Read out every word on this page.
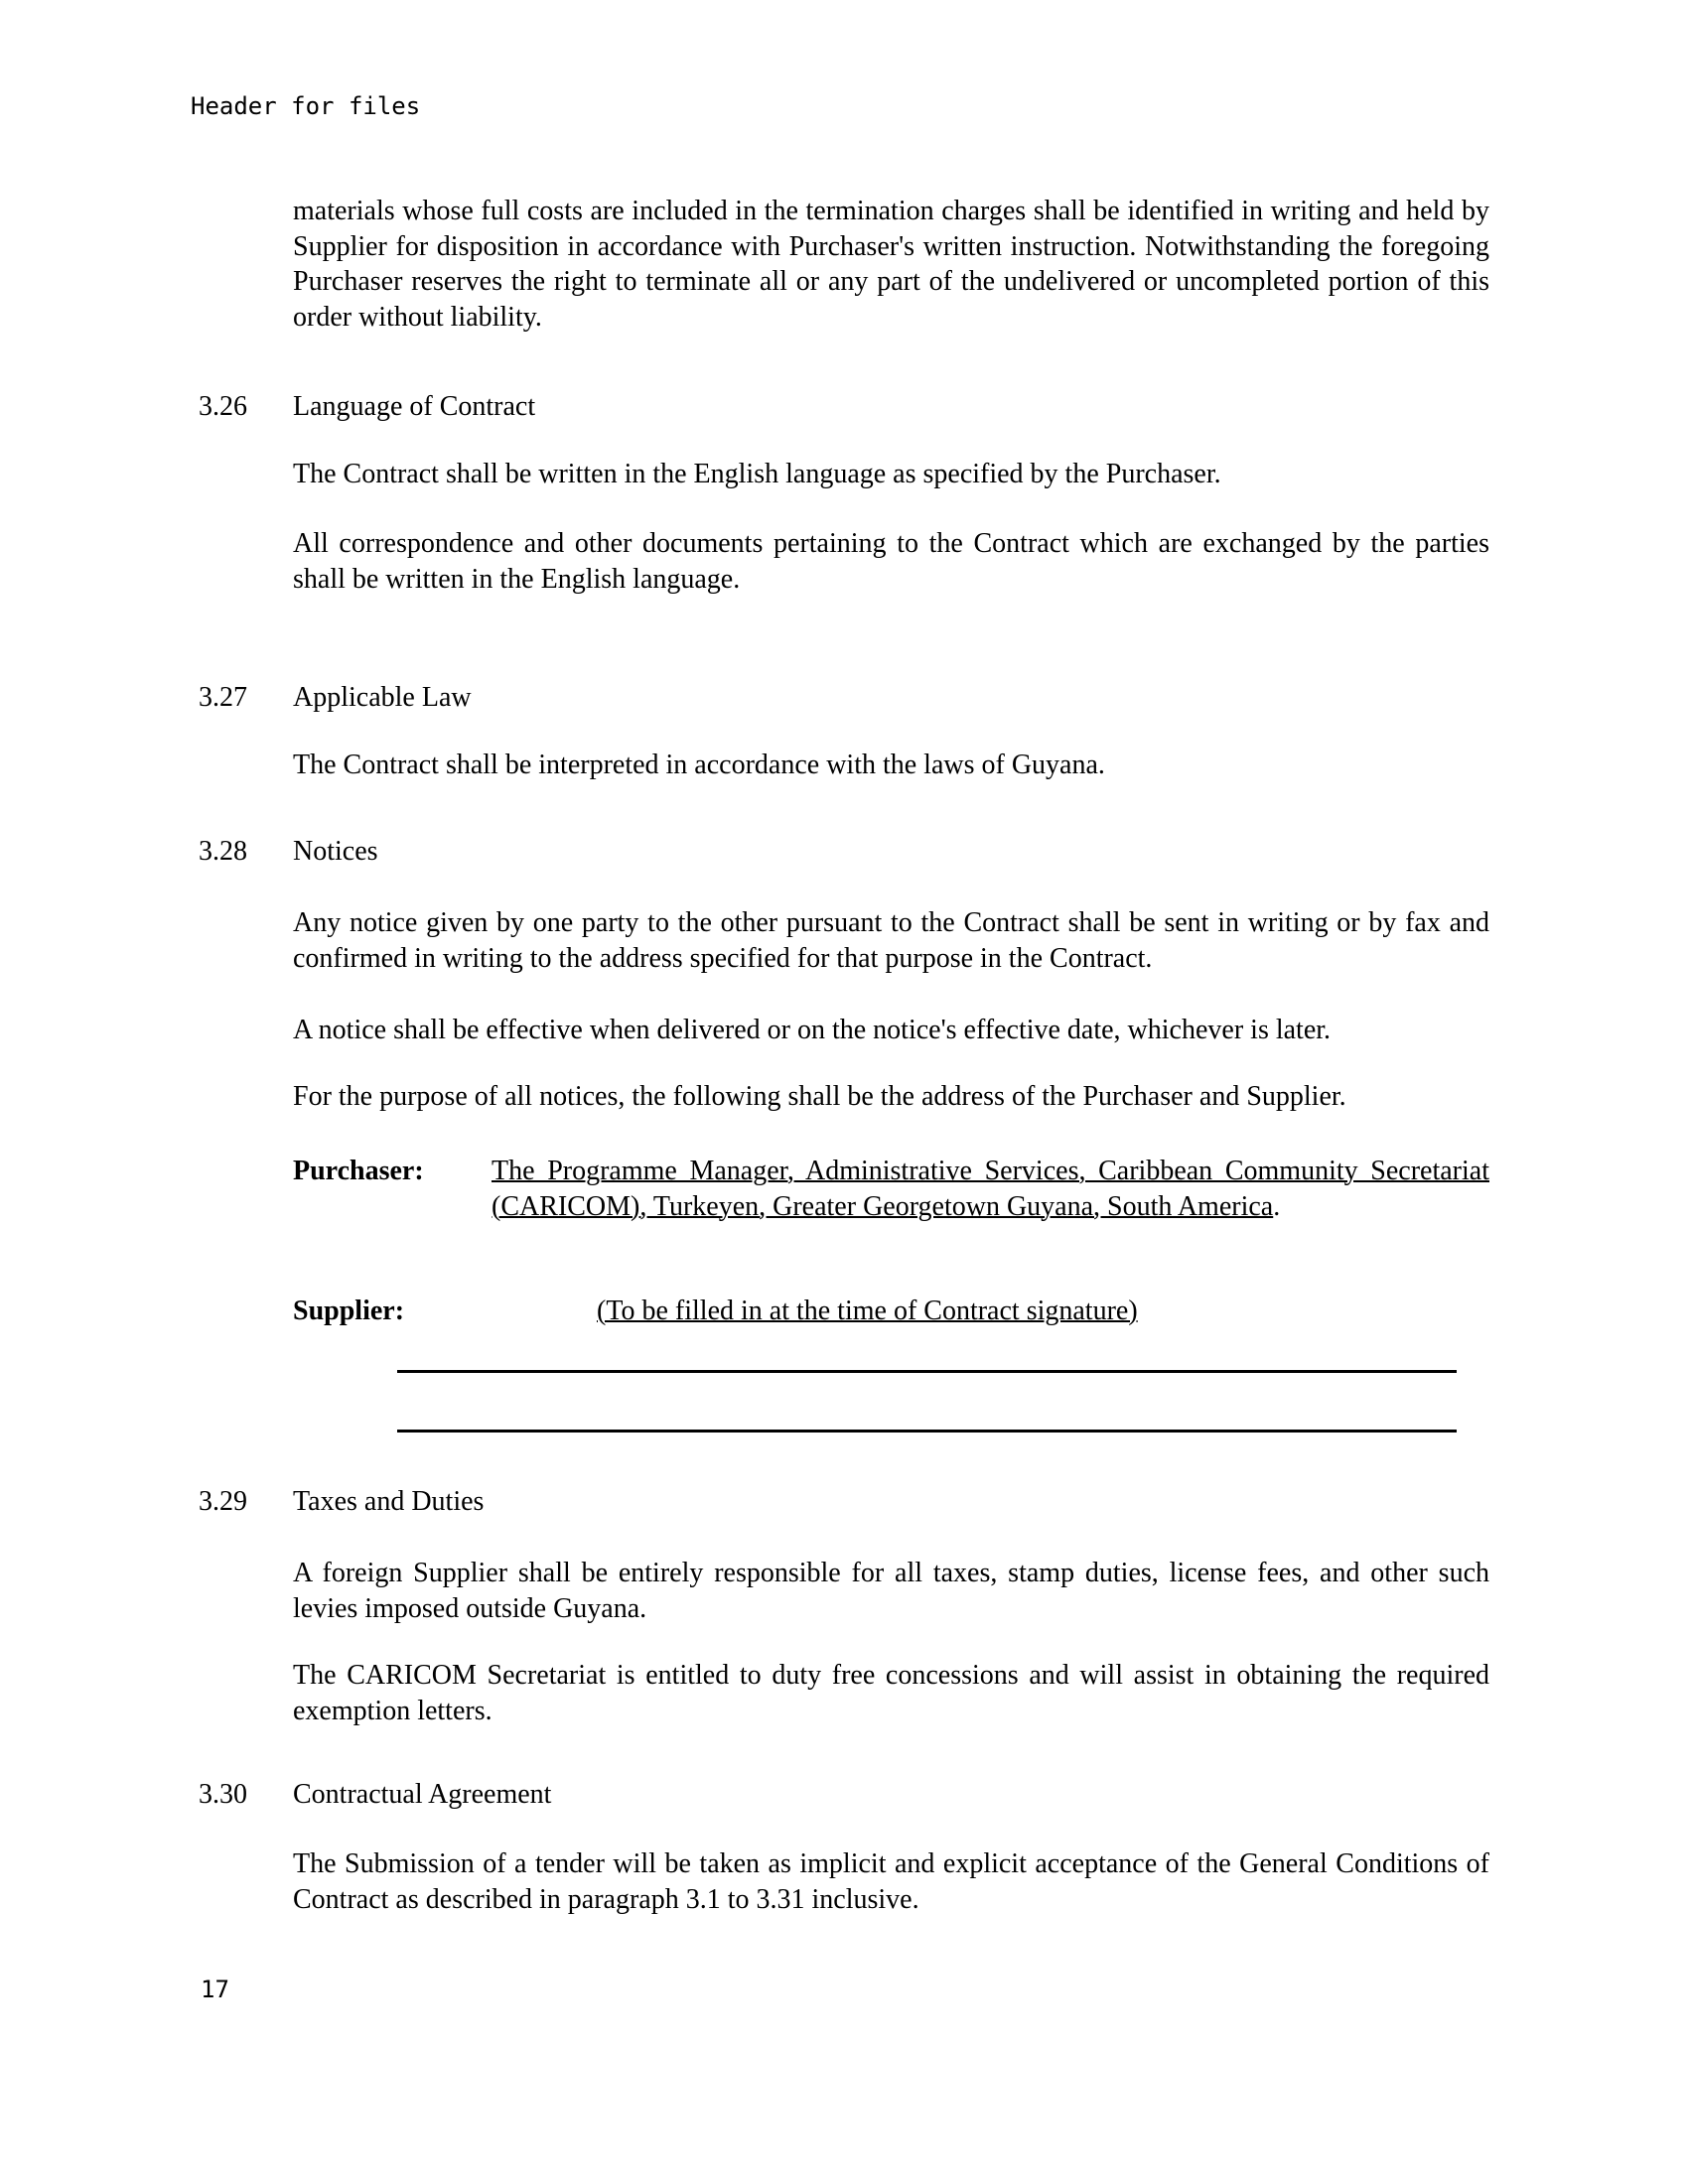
Header for files
materials whose full costs are included in the termination charges shall be identified in writing and held by Supplier for disposition in accordance with Purchaser's written instruction. Notwithstanding the foregoing Purchaser reserves the right to terminate all or any part of the undelivered or uncompleted portion of this order without liability.
3.26 Language of Contract
The Contract shall be written in the English language as specified by the Purchaser.
All correspondence and other documents pertaining to the Contract which are exchanged by the parties shall be written in the English language.
3.27 Applicable Law
The Contract shall be interpreted in accordance with the laws of Guyana.
3.28 Notices
Any notice given by one party to the other pursuant to the Contract shall be sent in writing or by fax and confirmed in writing to the address specified for that purpose in the Contract.
A notice shall be effective when delivered or on the notice's effective date, whichever is later.
For the purpose of all notices, the following shall be the address of the Purchaser and Supplier.
Purchaser:	The Programme Manager, Administrative Services, Caribbean Community Secretariat (CARICOM), Turkeyen, Greater Georgetown Guyana, South America.
Supplier:	(To be filled in at the time of Contract signature)
3.29 Taxes and Duties
A foreign Supplier shall be entirely responsible for all taxes, stamp duties, license fees, and other such levies imposed outside Guyana.
The CARICOM Secretariat is entitled to duty free concessions and will assist in obtaining the required exemption letters.
3.30 Contractual Agreement
The Submission of a tender will be taken as implicit and explicit acceptance of the General Conditions of Contract as described in paragraph 3.1 to 3.31 inclusive.
17
